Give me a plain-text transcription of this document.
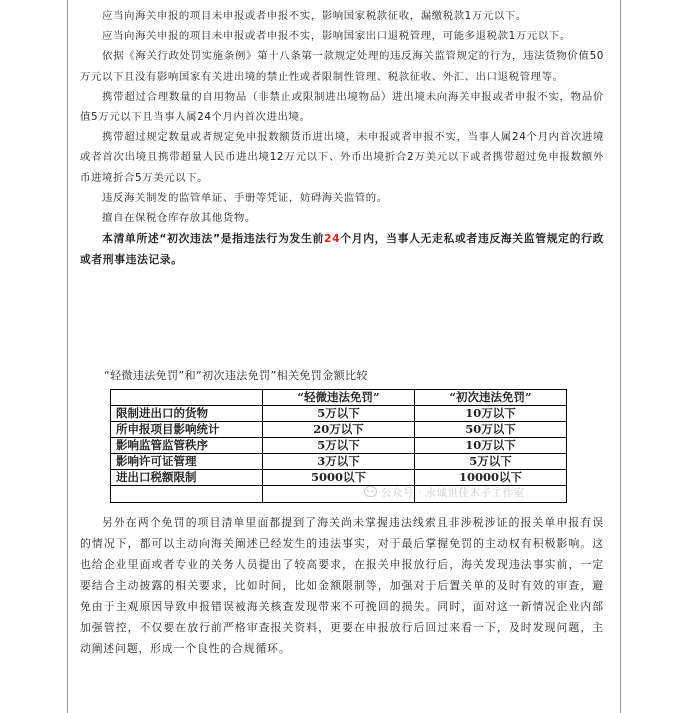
应当向海关申报的项目未申报或者申报不实，影响国家税款征收，漏缴税款1万元以下。

应当向海关申报的项目未申报或者申报不实，影响国家出口退税管理，可能多退税款1万元以下。

依据《海关行政处罚实施条例》第十八条第一款规定处理的违反海关监管规定的行为，违法货物价值50万元以下且没有影响国家有关进出境的禁止性或者限制性管理、税款征收、外汇、出口退税管理等。

携带超过合理数量的自用物品（非禁止或限制进出境物品）进出境未向海关申报或者申报不实，物品价值5万元以下且当事人属24个月内首次进出境。

携带超过规定数量或者规定免申报数额货币进出境，未申报或者申报不实，当事人属24个月内首次进境或者首次出境且携带超量人民币进出境12万元以下、外币出境折合2万美元以下或者携带超过免申报数额外币进境折合5万美元以下。

违反海关制发的监管单证、手册等凭证，妨碍海关监管的。

擅自在保税仓库存放其他货物。

本清单所述“初次违法”是指违法行为发生前24个月内，当事人无走私或者违反海关监管规定的行政或者刑事违法记录。

“轻微违法免罚”和“初次违法免罚”相关免罚金额比较

	“轻微违法免罚”	“初次违法免罚”
限制进出口的货物	5万以下	10万以下
所申报项目影响统计	20万以下	50万以下
影响监管监管秩序	5万以下	10万以下
影响许可证管理	3万以下	5万以下
进出口税额限制	5000以下	10000以下

公众号 · 永诚世佳木子工作室

另外在两个免罚的项目清单里面都提到了海关尚未掌握违法线索且非涉税涉证的报关单申报有误的情况下，都可以主动向海关阐述已经发生的违法事实，对于最后掌握免罚的主动权有积极影响。这也给企业里面或者专业的关务人员提出了较高要求，在报关申报放行后，海关发现违法事实前，一定要结合主动披露的相关要求，比如时间，比如金额限制等，加强对于后置关单的及时有效的审查，避免由于主观原因导致申报错误被海关核查发现带来不可挽回的损失。同时，面对这一新情况企业内部加强管控，不仅要在放行前严格审查报关资料，更要在申报放行后回过来看一下，及时发现问题，主动阐述问题，形成一个良性的合规循环。
